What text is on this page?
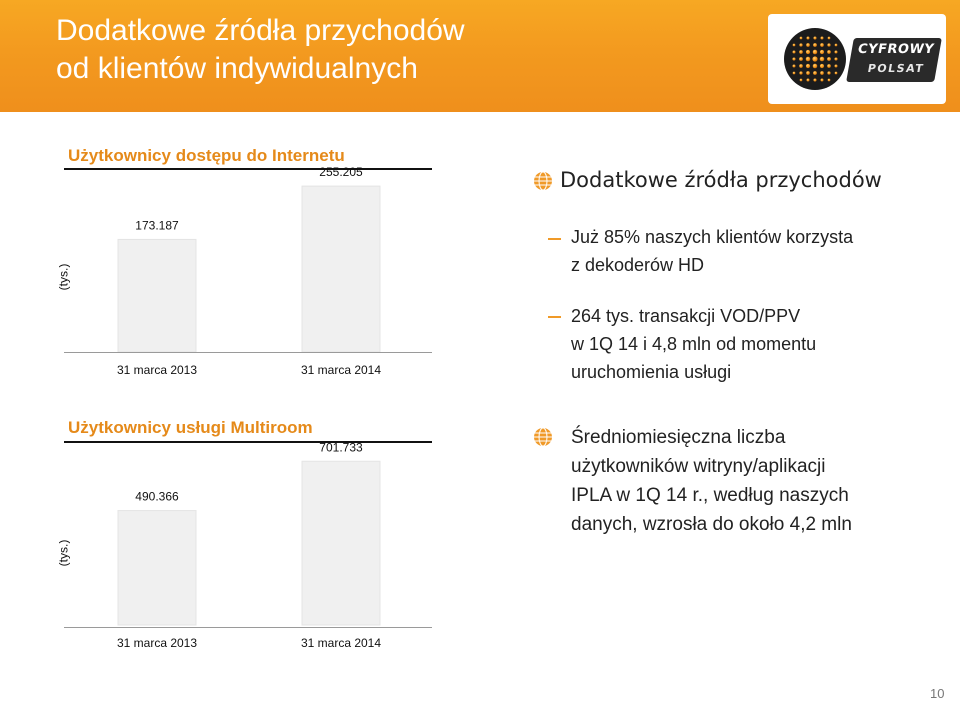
Dodatkowe źródła przychodów
od klientów indywidualnych
CYFROWY
POLSAT
Użytkownicy dostępu do Internetu
(tys.)
173.187
31 marca 2013
255.205
31 marca 2014
Użytkownicy usługi Multiroom
(tys.)
490.366
31 marca 2013
701.733
31 marca 2014
Dodatkowe źródła przychodów
Już 85% naszych klientów korzysta
z dekoderów HD
264 tys. transakcji VOD/PPV
w 1Q 14 i 4,8 mln od momentu
uruchomienia usługi
Średniomiesięczna liczba
użytkowników witryny/aplikacji
IPLA w 1Q 14 r., według naszych
danych, wzrosła do około 4,2 mln
10
